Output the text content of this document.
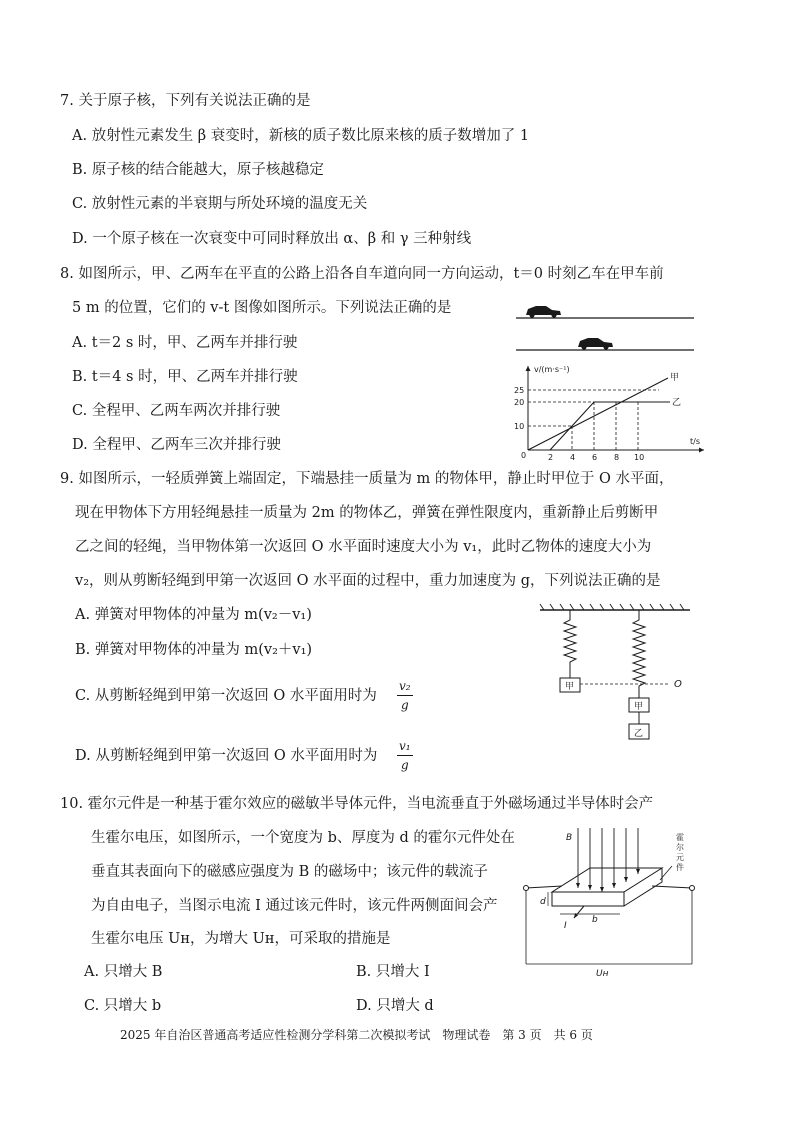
7. 关于原子核，下列有关说法正确的是
A. 放射性元素发生 β 衰变时，新核的质子数比原来核的质子数增加了 1
B. 原子核的结合能越大，原子核越稳定
C. 放射性元素的半衰期与所处环境的温度无关
D. 一个原子核在一次衰变中可同时释放出 α、β 和 γ 三种射线
8. 如图所示，甲、乙两车在平直的公路上沿各自车道向同一方向运动，t＝0 时刻乙车在甲车前
5 m 的位置，它们的 v-t 图像如图所示。下列说法正确的是
A. t＝2 s 时，甲、乙两车并排行驶
B. t＝4 s 时，甲、乙两车并排行驶
C. 全程甲、乙两车两次并排行驶
D. 全程甲、乙两车三次并排行驶
v/(m·s⁻¹)
t/s
0
10
20
25
2 4 6 8 10
甲
乙
9. 如图所示，一轻质弹簧上端固定，下端悬挂一质量为 m 的物体甲，静止时甲位于 O 水平面，
现在甲物体下方用轻绳悬挂一质量为 2m 的物体乙，弹簧在弹性限度内，重新静止后剪断甲
乙之间的轻绳，当甲物体第一次返回 O 水平面时速度大小为 v₁，此时乙物体的速度大小为
v₂，则从剪断轻绳到甲第一次返回 O 水平面的过程中，重力加速度为 g，下列说法正确的是
A. 弹簧对甲物体的冲量为 m(v₂－v₁)
B. 弹簧对甲物体的冲量为 m(v₂＋v₁)
C. 从剪断轻绳到甲第一次返回 O 水平面用时为
v₂
g
D. 从剪断轻绳到甲第一次返回 O 水平面用时为
v₁
g
甲	O
甲
乙
10. 霍尔元件是一种基于霍尔效应的磁敏半导体元件，当电流垂直于外磁场通过半导体时会产
生霍尔电压，如图所示，一个宽度为 b、厚度为 d 的霍尔元件处在
垂直其表面向下的磁感应强度为 B 的磁场中；该元件的载流子
为自由电子，当图示电流 I 通过该元件时，该元件两侧面间会产
生霍尔电压 Uн，为增大 Uн，可采取的措施是
A. 只增大 B	B. 只增大 I
C. 只增大 b	D. 只增大 d
B	霍
尔
元
件
Uн
d
b
I
2025 年自治区普通高考适应性检测分学科第二次模拟考试　物理试卷　第 3 页　共 6 页
